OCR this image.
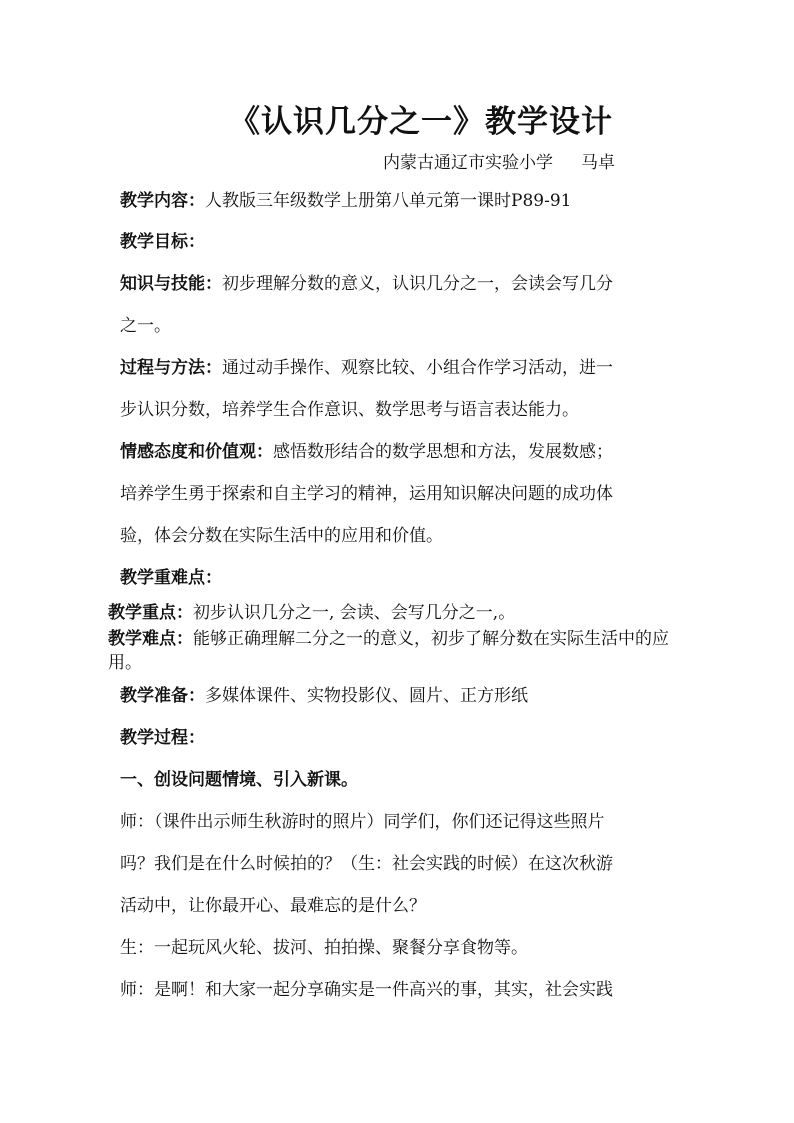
《认识几分之一》教学设计
内蒙古通辽市实验小学 马卓
教学内容：人教版三年级数学上册第八单元第一课时P89-91
教学目标：
知识与技能：初步理解分数的意义，认识几分之一，会读会写几分
之一。
过程与方法：通过动手操作、观察比较、小组合作学习活动，进一
步认识分数，培养学生合作意识、数学思考与语言表达能力。
情感态度和价值观：感悟数形结合的数学思想和方法，发展数感；
培养学生勇于探索和自主学习的精神，运用知识解决问题的成功体
验，体会分数在实际生活中的应用和价值。
教学重难点：
教学重点：初步认识几分之一, 会读、会写几分之一,。
教学难点：能够正确理解二分之一的意义，初步了解分数在实际生活中的应用。
教学准备：多媒体课件、实物投影仪、圆片、正方形纸
教学过程：
一、创设问题情境、引入新课。
师：（课件出示师生秋游时的照片）同学们，你们还记得这些照片
吗？我们是在什么时候拍的？（生：社会实践的时候）在这次秋游
活动中，让你最开心、最难忘的是什么？
生：一起玩风火轮、拔河、拍拍操、聚餐分享食物等。
师：是啊！和大家一起分享确实是一件高兴的事，其实，社会实践
